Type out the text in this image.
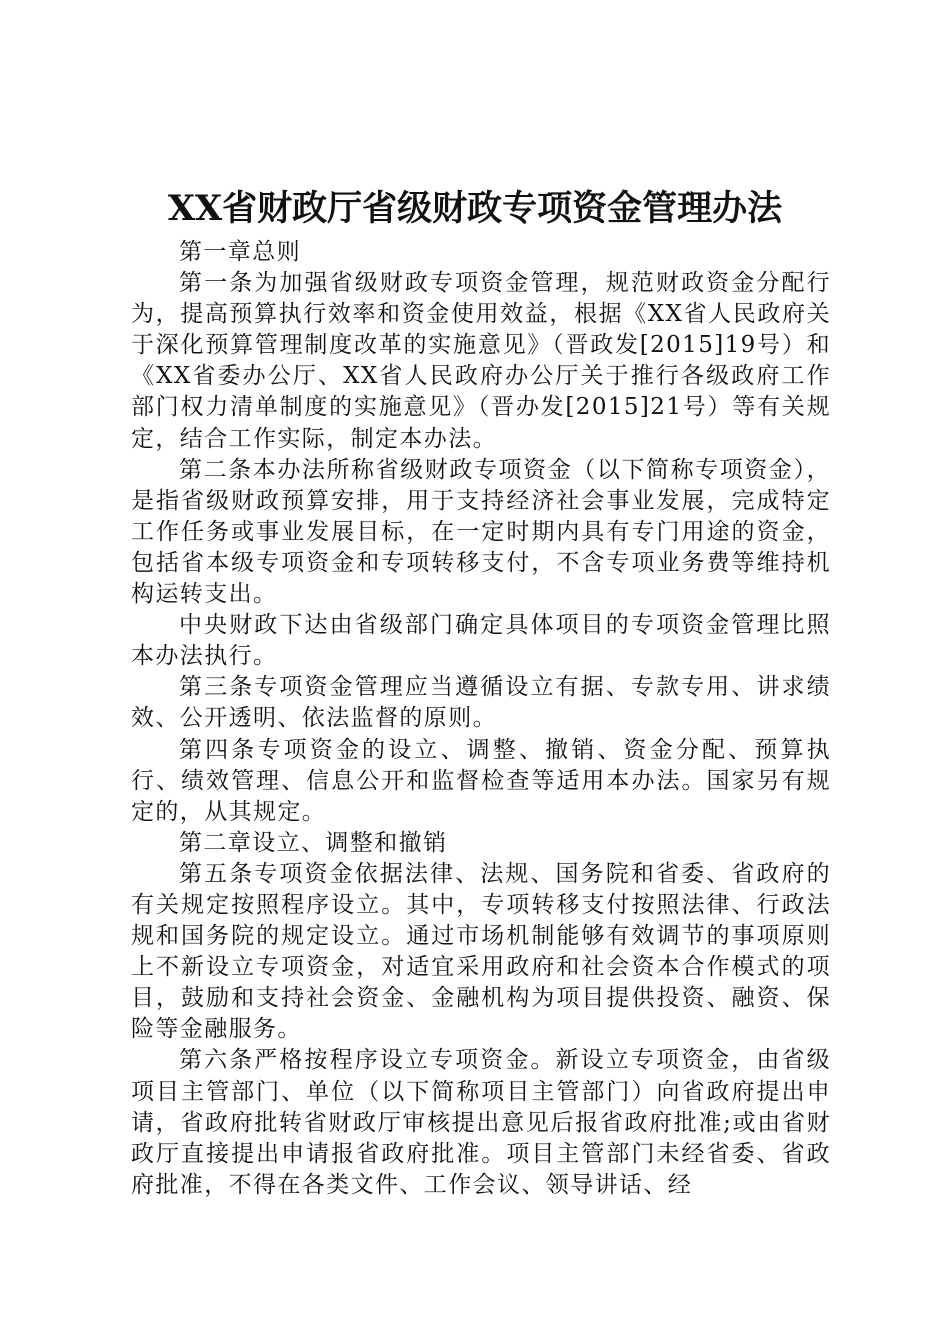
XX省财政厅省级财政专项资金管理办法

第一章总则

第一条为加强省级财政专项资金管理，规范财政资金分配行为，提高预算执行效率和资金使用效益，根据《XX省人民政府关于深化预算管理制度改革的实施意见》（晋政发[2015]19号）和《XX省委办公厅、XX省人民政府办公厅关于推行各级政府工作部门权力清单制度的实施意见》（晋办发[2015]21号）等有关规定，结合工作实际，制定本办法。

第二条本办法所称省级财政专项资金（以下简称专项资金），是指省级财政预算安排，用于支持经济社会事业发展，完成特定工作任务或事业发展目标，在一定时期内具有专门用途的资金，包括省本级专项资金和专项转移支付，不含专项业务费等维持机构运转支出。

中央财政下达由省级部门确定具体项目的专项资金管理比照本办法执行。

第三条专项资金管理应当遵循设立有据、专款专用、讲求绩效、公开透明、依法监督的原则。

第四条专项资金的设立、调整、撤销、资金分配、预算执行、绩效管理、信息公开和监督检查等适用本办法。国家另有规定的，从其规定。

第二章设立、调整和撤销

第五条专项资金依据法律、法规、国务院和省委、省政府的有关规定按照程序设立。其中，专项转移支付按照法律、行政法规和国务院的规定设立。通过市场机制能够有效调节的事项原则上不新设立专项资金，对适宜采用政府和社会资本合作模式的项目，鼓励和支持社会资金、金融机构为项目提供投资、融资、保险等金融服务。

第六条严格按程序设立专项资金。新设立专项资金，由省级项目主管部门、单位（以下简称项目主管部门）向省政府提出申请，省政府批转省财政厅审核提出意见后报省政府批准;或由省财政厅直接提出申请报省政府批准。项目主管部门未经省委、省政府批准，不得在各类文件、工作会议、领导讲话、经
